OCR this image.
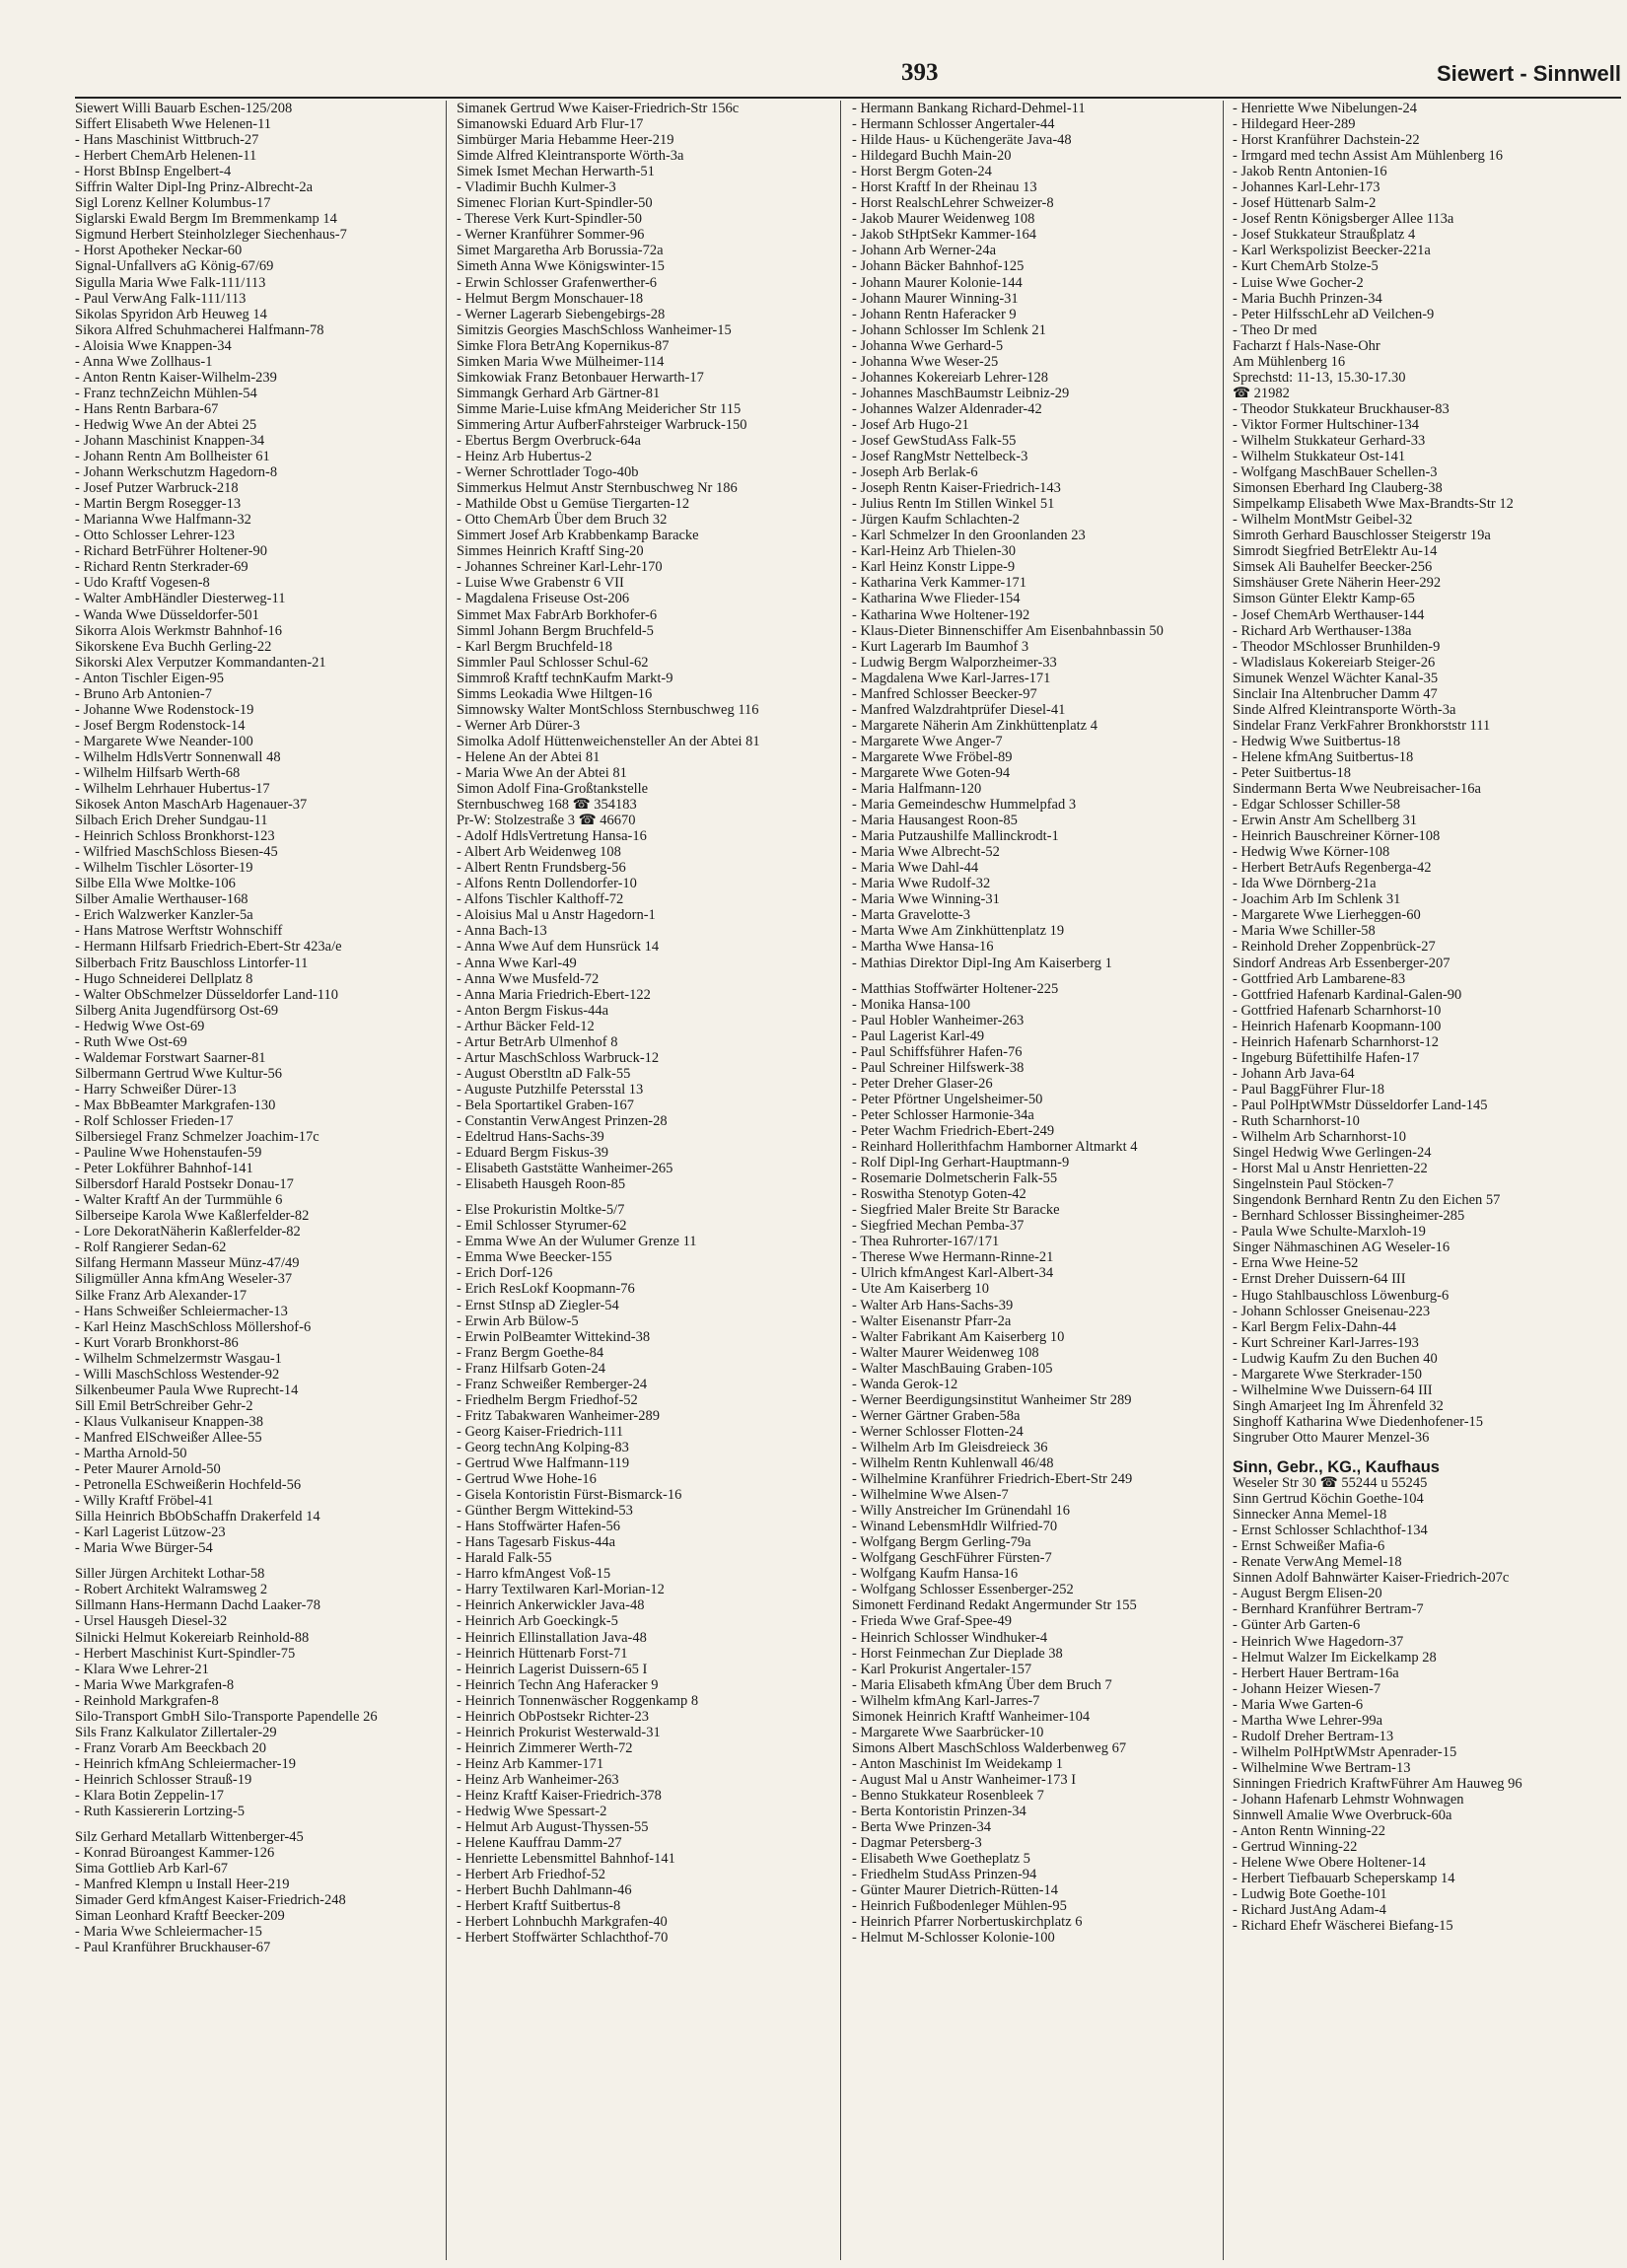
393	Siewert - Sinnwell
Siewert Willi Bauarb Eschen-125/208
Siffert Elisabeth Wwe Helenen-11
- Hans Maschinist Wittbruch-27
- Herbert ChemArb Helenen-11
- Horst BbInsp Engelbert-4
Siffrin Walter Dipl-Ing Prinz-Albrecht-2a
Sigl Lorenz Kellner Kolumbus-17
Siglarski Ewald Bergm Im Bremmenkamp 14
Sigmund Herbert Steinholzleger Siechenhaus-7
- Horst Apotheker Neckar-60
Signal-Unfallvers aG König-67/69
Sigulla Maria Wwe Falk-111/113
- Paul VerwAng Falk-111/113
Sikolas Spyridon Arb Heuweg 14
Sikora Alfred Schuhmacherei Halfmann-78
- Aloisia Wwe Knappen-34
- Anna Wwe Zollhaus-1
- Anton Rentn Kaiser-Wilhelm-239
- Franz technZeichn Mühlen-54
- Hans Rentn Barbara-67
- Hedwig Wwe An der Abtei 25
- Johann Maschinist Knappen-34
- Johann Rentn Am Bollheister 61
- Johann Werkschutzm Hagedorn-8
- Josef Putzer Warbruck-218
- Martin Bergm Rosegger-13
- Marianna Wwe Halfmann-32
- Otto Schlosser Lehrer-123
- Richard BetrFührer Holtener-90
- Richard Rentn Sterkrader-69
- Udo Kraftf Vogesen-8
- Walter AmbHändler Diesterweg-11
- Wanda Wwe Düsseldorfer-501
Sikorra Alois Werkmstr Bahnhof-16
Sikorskene Eva Buchh Gerling-22
Sikorski Alex Verputzer Kommandanten-21
- Anton Tischler Eigen-95
- Bruno Arb Antonien-7
- Johanne Wwe Rodenstock-19
- Josef Bergm Rodenstock-14
- Margarete Wwe Neander-100
- Wilhelm HdlsVertr Sonnenwall 48
- Wilhelm Hilfsarb Werth-68
- Wilhelm Lehrhauer Hubertus-17
Sikosek Anton MaschArb Hagenauer-37
Silbach Erich Dreher Sundgau-11
- Heinrich Schloss Bronkhorst-123
- Wilfried MaschSchloss Biesen-45
- Wilhelm Tischler Lösorter-19
Silbe Ella Wwe Moltke-106
Silber Amalie Werthauser-168
- Erich Walzwerker Kanzler-5a
- Hans Matrose Werftstr Wohnschiff
- Hermann Hilfsarb Friedrich-Ebert-Str 423a/e
Silberbach Fritz Bauschloss Lintorfer-11
- Hugo Schneiderei Dellplatz 8
- Walter ObSchmelzer Düsseldorfer Land-110
Silberg Anita Jugendfürsorg Ost-69
- Hedwig Wwe Ost-69
- Ruth Wwe Ost-69
- Waldemar Forstwart Saarner-81
Silbermann Gertrud Wwe Kultur-56
- Harry Schweißer Dürer-13
- Max BbBeamter Markgrafen-130
- Rolf Schlosser Frieden-17
Silbersiegel Franz Schmelzer Joachim-17c
- Pauline Wwe Hohenstaufen-59
- Peter Lokführer Bahnhof-141
Silbersdorf Harald Postsekr Donau-17
- Walter Kraftf An der Turmmühle 6
Silberseipe Karola Wwe Kaßlerfelder-82
- Lore DekoratNäherin Kaßlerfelder-82
- Rolf Rangierer Sedan-62
Silfang Hermann Masseur Münz-47/49
Siligmüller Anna kfmAng Weseler-37
Silke Franz Arb Alexander-17
- Hans Schweißer Schleiermacher-13
- Karl Heinz MaschSchloss Möllershof-6
- Kurt Vorarb Bronkhorst-86
- Wilhelm Schmelzermstr Wasgau-1
- Willi MaschSchloss Westender-92
Silkenbeumer Paula Wwe Ruprecht-14
Sill Emil BetrSchreiber Gehr-2
- Klaus Vulkaniseur Knappen-38
- Manfred ElSchweißer Allee-55
- Martha Arnold-50
- Peter Maurer Arnold-50
- Petronella ESchweißerin Hochfeld-56
- Willy Kraftf Fröbel-41
Silla Heinrich BbObSchaffn Drakerfeld 14
- Karl Lagerist Lützow-23
- Maria Wwe Bürger-54
Siller Jürgen Architekt Lothar-58
- Robert Architekt Walramsweg 2
Sillmann Hans-Hermann Dachd Laaker-78
- Ursel Hausgeh Diesel-32
Silnicki Helmut Kokereiarb Reinhold-88
- Herbert Maschinist Kurt-Spindler-75
- Klara Wwe Lehrer-21
- Maria Wwe Markgrafen-8
- Reinhold Markgrafen-8
Silo-Transport GmbH Silo-Transporte Papendelle 26
Sils Franz Kalkulator Zillertaler-29
- Franz Vorarb Am Beeckbach 20
- Heinrich kfmAng Schleiermacher-19
- Heinrich Schlosser Strauß-19
- Klara Botin Zeppelin-17
- Ruth Kassiererin Lortzing-5
Silz Gerhard Metallarb Wittenberger-45
- Konrad Büroangest Kammer-126
Sima Gottlieb Arb Karl-67
- Manfred Klempn u Install Heer-219
Simader Gerd kfmAngest Kaiser-Friedrich-248
Siman Leonhard Kraftf Beecker-209
- Maria Wwe Schleiermacher-15
- Paul Kranführer Bruckhauser-67
Simanek Gertrud Wwe Kaiser-Friedrich-Str 156c
Simanowski Eduard Arb Flur-17
Simbürger Maria Hebamme Heer-219
Simde Alfred Kleintransporte Wörth-3a
Simek Ismet Mechan Herwarth-51
- Vladimir Buchh Kulmer-3
Simenec Florian Kurt-Spindler-50
- Therese Verk Kurt-Spindler-50
- Werner Kranführer Sommer-96
Simet Margaretha Arb Borussia-72a
Simeth Anna Wwe Königswinter-15
- Erwin Schlosser Grafenwerther-6
- Helmut Bergm Monschauer-18
- Werner Lagerarb Siebengebirgs-28
Simitzis Georgies MaschSchloss Wanheimer-15
Simke Flora BetrAng Kopernikus-87
Simken Maria Wwe Mülheimer-114
Simkowiak Franz Betonbauer Herwarth-17
Simmangk Gerhard Arb Gärtner-81
Simme Marie-Luise kfmAng Meidericher Str 115
Simmering Artur AufberFahrsteiger Warbruck-150
- Ebertus Bergm Overbruck-64a
- Heinz Arb Hubertus-2
- Werner Schrottlader Togo-40b
Simmerkus Helmut Anstr Sternbuschweg Nr 186
- Mathilde Obst u Gemüse Tiergarten-12
- Otto ChemArb Über dem Bruch 32
Simmert Josef Arb Krabbenkamp Baracke
Simmes Heinrich Kraftf Sing-20
- Johannes Schreiner Karl-Lehr-170
- Luise Wwe Grabenstr 6 VII
- Magdalena Friseuse Ost-206
Simmet Max FabrArb Borkhofer-6
Simml Johann Bergm Bruchfeld-5
- Karl Bergm Bruchfeld-18
Simmler Paul Schlosser Schul-62
Simmroß Kraftf technKaufm Markt-9
Simms Leokadia Wwe Hiltgen-16
Simnowsky Walter MontSchloss Sternbuschweg 116
- Werner Arb Dürer-3
Simolka Adolf Hüttenweichensteller An der Abtei 81
- Helene An der Abtei 81
- Maria Wwe An der Abtei 81
Simon Adolf Fina-Großtankstelle
Sternbuschweg 168 ☎ 354183
Pr-W: Stolzestraße 3 ☎ 46670
- Adolf HdlsVertretung Hansa-16
- Albert Arb Weidenweg 108
- Albert Rentn Frundsberg-56
- Alfons Rentn Dollendorfer-10
- Alfons Tischler Kalthoff-72
- Aloisius Mal u Anstr Hagedorn-1
- Anna Bach-13
- Anna Wwe Auf dem Hunsrück 14
- Anna Wwe Karl-49
- Anna Wwe Musfeld-72
- Anna Maria Friedrich-Ebert-122
- Anton Bergm Fiskus-44a
- Arthur Bäcker Feld-12
- Artur BetrArb Ulmenhof 8
- Artur MaschSchloss Warbruck-12
- August Oberstltn aD Falk-55
- Auguste Putzhilfe Petersstal 13
- Bela Sportartikel Graben-167
- Constantin VerwAngest Prinzen-28
- Edeltrud Hans-Sachs-39
- Eduard Bergm Fiskus-39
- Elisabeth Gaststätte Wanheimer-265
- Elisabeth Hausgeh Roon-85
- Else Prokuristin Moltke-5/7
- Emil Schlosser Styrumer-62
- Emma Wwe An der Wulumer Grenze 11
- Emma Wwe Beecker-155
- Erich Dorf-126
- Erich ResLokf Koopmann-76
- Ernst StInsp aD Ziegler-54
- Erwin Arb Bülow-5
- Erwin PolBeamter Wittekind-38
- Franz Bergm Goethe-84
- Franz Hilfsarb Goten-24
- Franz Schweißer Remberger-24
- Friedhelm Bergm Friedhof-52
- Fritz Tabakwaren Wanheimer-289
- Georg Kaiser-Friedrich-111
- Georg technAng Kolping-83
- Gertrud Wwe Halfmann-119
- Gertrud Wwe Hohe-16
- Gisela Kontoristin Fürst-Bismarck-16
- Günther Bergm Wittekind-53
- Hans Stoffwärter Hafen-56
- Hans Tagesarb Fiskus-44a
- Harald Falk-55
- Harro kfmAngest Voß-15
- Harry Textilwaren Karl-Morian-12
- Heinrich Ankerwickler Java-48
- Heinrich Arb Goeckingk-5
- Heinrich Ellinstallation Java-48
- Heinrich Hüttenarb Forst-71
- Heinrich Lagerist Duissern-65 I
- Heinrich Techn Ang Haferacker 9
- Heinrich Tonnenwäscher Roggenkamp 8
- Heinrich ObPostsekr Richter-23
- Heinrich Prokurist Westerwald-31
- Heinrich Zimmerer Werth-72
- Heinz Arb Kammer-171
- Heinz Arb Wanheimer-263
- Heinz Kraftf Kaiser-Friedrich-378
- Hedwig Wwe Spessart-2
- Helmut Arb August-Thyssen-55
- Helene Kauffrau Damm-27
- Henriette Lebensmittel Bahnhof-141
- Herbert Arb Friedhof-52
- Herbert Buchh Dahlmann-46
- Herbert Kraftf Suitbertus-8
- Herbert Lohnbuchh Markgrafen-40
- Herbert Stoffwärter Schlachthof-70
- Hermann Bankang Richard-Dehmel-11
- Hermann Schlosser Angertaler-44
- Hilde Haus- u Küchengeräte Java-48
- Hildegard Buchh Main-20
- Horst Bergm Goten-24
- Horst Kraftf In der Rheinau 13
- Horst RealschLehrer Schweizer-8
- Jakob Maurer Weidenweg 108
- Jakob StHptSekr Kammer-164
- Johann Arb Werner-24a
- Johann Bäcker Bahnhof-125
- Johann Maurer Kolonie-144
- Johann Maurer Winning-31
- Johann Rentn Haferacker 9
- Johann Schlosser Im Schlenk 21
- Johanna Wwe Gerhard-5
- Johanna Wwe Weser-25
- Johannes Kokereiarb Lehrer-128
- Johannes MaschBaumstr Leibniz-29
- Johannes Walzer Aldenrader-42
- Josef Arb Hugo-21
- Josef GewStudAss Falk-55
- Josef RangMstr Nettelbeck-3
- Joseph Arb Berlak-6
- Joseph Rentn Kaiser-Friedrich-143
- Julius Rentn Im Stillen Winkel 51
- Jürgen Kaufm Schlachten-2
- Karl Schmelzer In den Groonlanden 23
- Karl-Heinz Arb Thielen-30
- Karl Heinz Konstr Lippe-9
- Katharina Verk Kammer-171
- Katharina Wwe Flieder-154
- Katharina Wwe Holtener-192
- Klaus-Dieter Binnenschiffer Am Eisenbahnbassin 50
- Kurt Lagerarb Im Baumhof 3
- Ludwig Bergm Walporzheimer-33
- Magdalena Wwe Karl-Jarres-171
- Manfred Schlosser Beecker-97
- Manfred Walzdrahtprüfer Diesel-41
- Margarete Näherin Am Zinkhüttenplatz 4
- Margarete Wwe Anger-7
- Margarete Wwe Fröbel-89
- Margarete Wwe Goten-94
- Maria Halfmann-120
- Maria Gemeindeschw Hummelpfad 3
- Maria Hausangest Roon-85
- Maria Putzaushilfe Mallinckrodt-1
- Maria Wwe Albrecht-52
- Maria Wwe Dahl-44
- Maria Wwe Rudolf-32
- Maria Wwe Winning-31
- Marta Gravelotte-3
- Marta Wwe Am Zinkhüttenplatz 19
- Martha Wwe Hansa-16
- Mathias Direktor Dipl-Ing Am Kaiserberg 1
- Matthias Stoffwärter Holtener-225
- Monika Hansa-100
- Paul Hobler Wanheimer-263
- Paul Lagerist Karl-49
- Paul Schiffsführer Hafen-76
- Paul Schreiner Hilfswerk-38
- Peter Dreher Glaser-26
- Peter Pförtner Ungelsheimer-50
- Peter Schlosser Harmonie-34a
- Peter Wachm Friedrich-Ebert-249
- Reinhard Hollerithfachm Hamborner Altmarkt 4
- Rolf Dipl-Ing Gerhart-Hauptmann-9
- Rosemarie Dolmetscherin Falk-55
- Roswitha Stenotyp Goten-42
- Siegfried Maler Breite Str Baracke
- Siegfried Mechan Pemba-37
- Thea Ruhrorter-167/171
- Therese Wwe Hermann-Rinne-21
- Ulrich kfmAngest Karl-Albert-34
- Ute Am Kaiserberg 10
- Walter Arb Hans-Sachs-39
- Walter Eisenanstr Pfarr-2a
- Walter Fabrikant Am Kaiserberg 10
- Walter Maurer Weidenweg 108
- Walter MaschBauing Graben-105
- Wanda Gerok-12
- Werner Beerdigungsinstitut Wanheimer Str 289
- Werner Gärtner Graben-58a
- Werner Schlosser Flotten-24
- Wilhelm Arb Im Gleisdreieck 36
- Wilhelm Rentn Kuhlenwall 46/48
- Wilhelmine Kranführer Friedrich-Ebert-Str 249
- Wilhelmine Wwe Alsen-7
- Willy Anstreicher Im Grünendahl 16
- Winand LebensmHdlr Wilfried-70
- Wolfgang Bergm Gerling-79a
- Wolfgang GeschFührer Fürsten-7
- Wolfgang Kaufm Hansa-16
- Wolfgang Schlosser Essenberger-252
Simonett Ferdinand Redakt Angermunder Str 155
- Frieda Wwe Graf-Spee-49
- Heinrich Schlosser Windhuker-4
- Horst Feinmechan Zur Dieplade 38
- Karl Prokurist Angertaler-157
- Maria Elisabeth kfmAng Über dem Bruch 7
- Wilhelm kfmAng Karl-Jarres-7
Simonek Heinrich Kraftf Wanheimer-104
- Margarete Wwe Saarbrücker-10
Simons Albert MaschSchloss Walderbenweg 67
- Anton Maschinist Im Weidekamp 1
- August Mal u Anstr Wanheimer-173 I
- Benno Stukkateur Rosenbleek 7
- Berta Kontoristin Prinzen-34
- Berta Wwe Prinzen-34
- Dagmar Petersberg-3
- Elisabeth Wwe Goetheplatz 5
- Friedhelm StudAss Prinzen-94
- Günter Maurer Dietrich-Rütten-14
- Heinrich Fußbodenleger Mühlen-95
- Heinrich Pfarrer Norbertuskirchplatz 6
- Helmut M-Schlosser Kolonie-100
- Henriette Wwe Nibelungen-24
- Hildegard Heer-289
- Horst Kranführer Dachstein-22
- Irmgard med techn Assist Am Mühlenberg 16
- Jakob Rentn Antonien-16
- Johannes Karl-Lehr-173
- Josef Hüttenarb Salm-2
- Josef Rentn Königsberger Allee 113a
- Josef Stukkateur Straußplatz 4
- Karl Werkspolizist Beecker-221a
- Kurt ChemArb Stolze-5
- Luise Wwe Gocher-2
- Maria Buchh Prinzen-34
- Peter HilfsschLehr aD Veilchen-9
- Theo Dr med
Facharzt f Hals-Nase-Ohr
Am Mühlenberg 16
Sprechstd: 11-13, 15.30-17.30
☎ 21982
- Theodor Stukkateur Bruckhauser-83
- Viktor Former Hultschiner-134
- Wilhelm Stukkateur Gerhard-33
- Wilhelm Stukkateur Ost-141
- Wolfgang MaschBauer Schellen-3
Simonsen Eberhard Ing Clauberg-38
Simpelkamp Elisabeth Wwe Max-Brandts-Str 12
- Wilhelm MontMstr Geibel-32
Simroth Gerhard Bauschlosser Steigerstr 19a
Simrodt Siegfried BetrElektr Au-14
Simsek Ali Bauhelfer Beecker-256
Simshäuser Grete Näherin Heer-292
Simson Günter Elektr Kamp-65
- Josef ChemArb Werthauser-144
- Richard Arb Werthauser-138a
- Theodor MSchlosser Brunhilden-9
- Wladislaus Kokereiarb Steiger-26
Simunek Wenzel Wächter Kanal-35
Sinclair Ina Altenbrucher Damm 47
Sinde Alfred Kleintransporte Wörth-3a
Sindelar Franz VerkFahrer Bronkhorststr 111
- Hedwig Wwe Suitbertus-18
- Helene kfmAng Suitbertus-18
- Peter Suitbertus-18
Sindermann Berta Wwe Neubreisacher-16a
- Edgar Schlosser Schiller-58
- Erwin Anstr Am Schellberg 31
- Heinrich Bauschreiner Körner-108
- Hedwig Wwe Körner-108
- Herbert BetrAufs Regenberga-42
- Ida Wwe Dörnberg-21a
- Joachim Arb Im Schlenk 31
- Margarete Wwe Lierheggen-60
- Maria Wwe Schiller-58
- Reinhold Dreher Zoppenbrück-27
Sindorf Andreas Arb Essenberger-207
- Gottfried Arb Lambarene-83
- Gottfried Hafenarb Kardinal-Galen-90
- Gottfried Hafenarb Scharnhorst-10
- Heinrich Hafenarb Koopmann-100
- Heinrich Hafenarb Scharnhorst-12
- Ingeburg Büfettihilfe Hafen-17
- Johann Arb Java-64
- Paul BaggFührer Flur-18
- Paul PolHptWMstr Düsseldorfer Land-145
- Ruth Scharnhorst-10
- Wilhelm Arb Scharnhorst-10
Singel Hedwig Wwe Gerlingen-24
- Horst Mal u Anstr Henrietten-22
Singelnstein Paul Stöcken-7
Singendonk Bernhard Rentn Zu den Eichen 57
- Bernhard Schlosser Bissingheimer-285
- Paula Wwe Schulte-Marxloh-19
Singer Nähmaschinen AG Weseler-16
- Erna Wwe Heine-52
- Ernst Dreher Duissern-64 III
- Hugo Stahlbauschloss Löwenburg-6
- Johann Schlosser Gneisenau-223
- Karl Bergm Felix-Dahn-44
- Kurt Schreiner Karl-Jarres-193
- Ludwig Kaufm Zu den Buchen 40
- Margarete Wwe Sterkrader-150
- Wilhelmine Wwe Duissern-64 III
Singh Amarjeet Ing Im Ährenfeld 32
Singhoff Katharina Wwe Diedenhofener-15
Singruber Otto Maurer Menzel-36
Sinn, Gebr., KG., Kaufhaus
Weseler Str 30 ☎ 55244 u 55245
Sinn Gertrud Köchin Goethe-104
Sinnecker Anna Memel-18
- Ernst Schlosser Schlachthof-134
- Ernst Schweißer Mafia-6
- Renate VerwAng Memel-18
Sinnen Adolf Bahnwärter Kaiser-Friedrich-207c
- August Bergm Elisen-20
- Bernhard Kranführer Bertram-7
- Günter Arb Garten-6
- Heinrich Wwe Hagedorn-37
- Helmut Walzer Im Eickelkamp 28
- Herbert Hauer Bertram-16a
- Johann Heizer Wiesen-7
- Maria Wwe Garten-6
- Martha Wwe Lehrer-99a
- Rudolf Dreher Bertram-13
- Wilhelm PolHptWMstr Apenrader-15
- Wilhelmine Wwe Bertram-13
Sinningen Friedrich KraftwFührer Am Hauweg 96
- Johann Hafenarb Lehmstr Wohnwagen
Sinnwell Amalie Wwe Overbruck-60a
- Anton Rentn Winning-22
- Gertrud Winning-22
- Helene Wwe Obere Holtener-14
- Herbert Tiefbauarb Scheperskamp 14
- Ludwig Bote Goethe-101
- Richard JustAng Adam-4
- Richard Ehefr Wäscherei Biefang-15
